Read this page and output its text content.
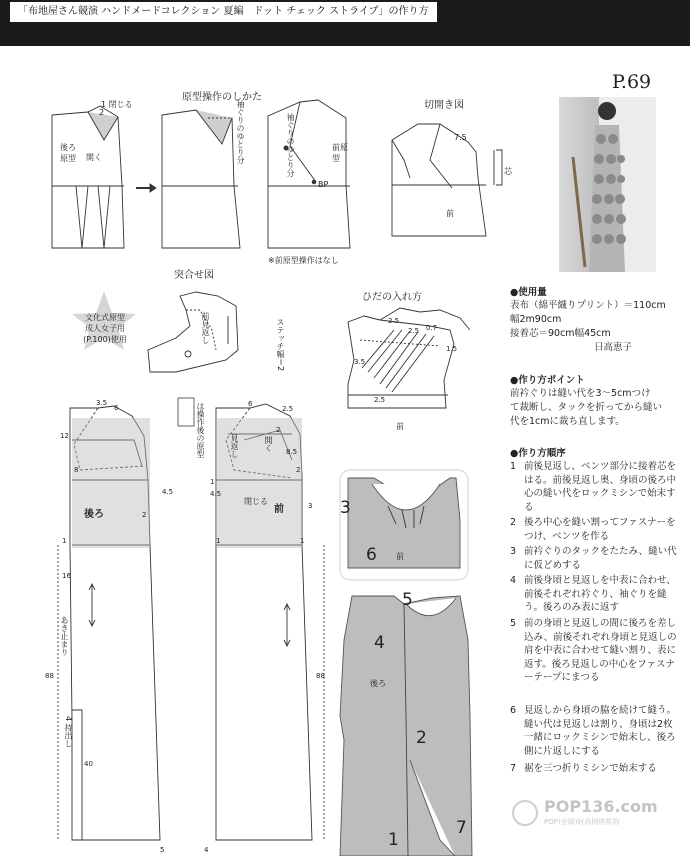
「布地屋さん競演 ハンドメードコレクション 夏編　ドット チェック ストライプ」の作り方
原型操作のしかた
1 閉じる
2
開く
後ろ原型	袖ぐりのゆとり分	袖ぐりのゆとり分	前原型
BP
※前原型操作はなし
切開き図
7.5
芯
前
突合せ図
前見返し	ステッチ幅＝2
文化式原型
成人女子用
(P.100)使用
ひだの入れ方
2.5
0.7
1.5
3.5
2.5
2.5
前
は操作後の原型
後ろ
12
8
6
3.5
4.5
2
1
16
あき止まり
88
4 持出し
40
5	4
前
見返し
閉じる
開く
3
1
4.5
6
2.5
8.5
2
1	1
88
2
3
6 前
5
4
後ろ
2
1
7
P.69
●使用量
表布（綿平織りプリント）＝110cm
幅2m90cm
接着芯＝90cm幅45cm
日高恵子
●作り方ポイント
前衿ぐりは縫い代を3～5cmつけ
て裁断し、タックを折ってから縫い
代を1cmに裁ち直します。
●作り方順序
1 前後見返し、ベンツ部分に接着芯をはる。前後見返し奥、身頃の後ろ中心の縫い代をロックミシンで始末する
2 後ろ中心を縫い割ってファスナーをつけ、ベンツを作る
3 前衿ぐりのタックをたたみ、縫い代に仮どめする
4 前後身頃と見返しを中表に合わせ、前後それぞれ衿ぐり、袖ぐりを縫う。後ろのみ表に返す
5 前の身頃と見返しの間に後ろを差し込み、前後それぞれ身頃と見返しの肩を中表に合わせて縫い割り、表に返す。後ろ見返しの中心をファスナーテープにまつる
6 見返しから身頃の脇を続けて縫う。縫い代は見返しは割り、身頃は2枚一緒にロックミシンで始末し、後ろ側に片返しにする
7 裾を三つ折りミシンで始末する
POP136.com
POP(全球)时尚网络机构
